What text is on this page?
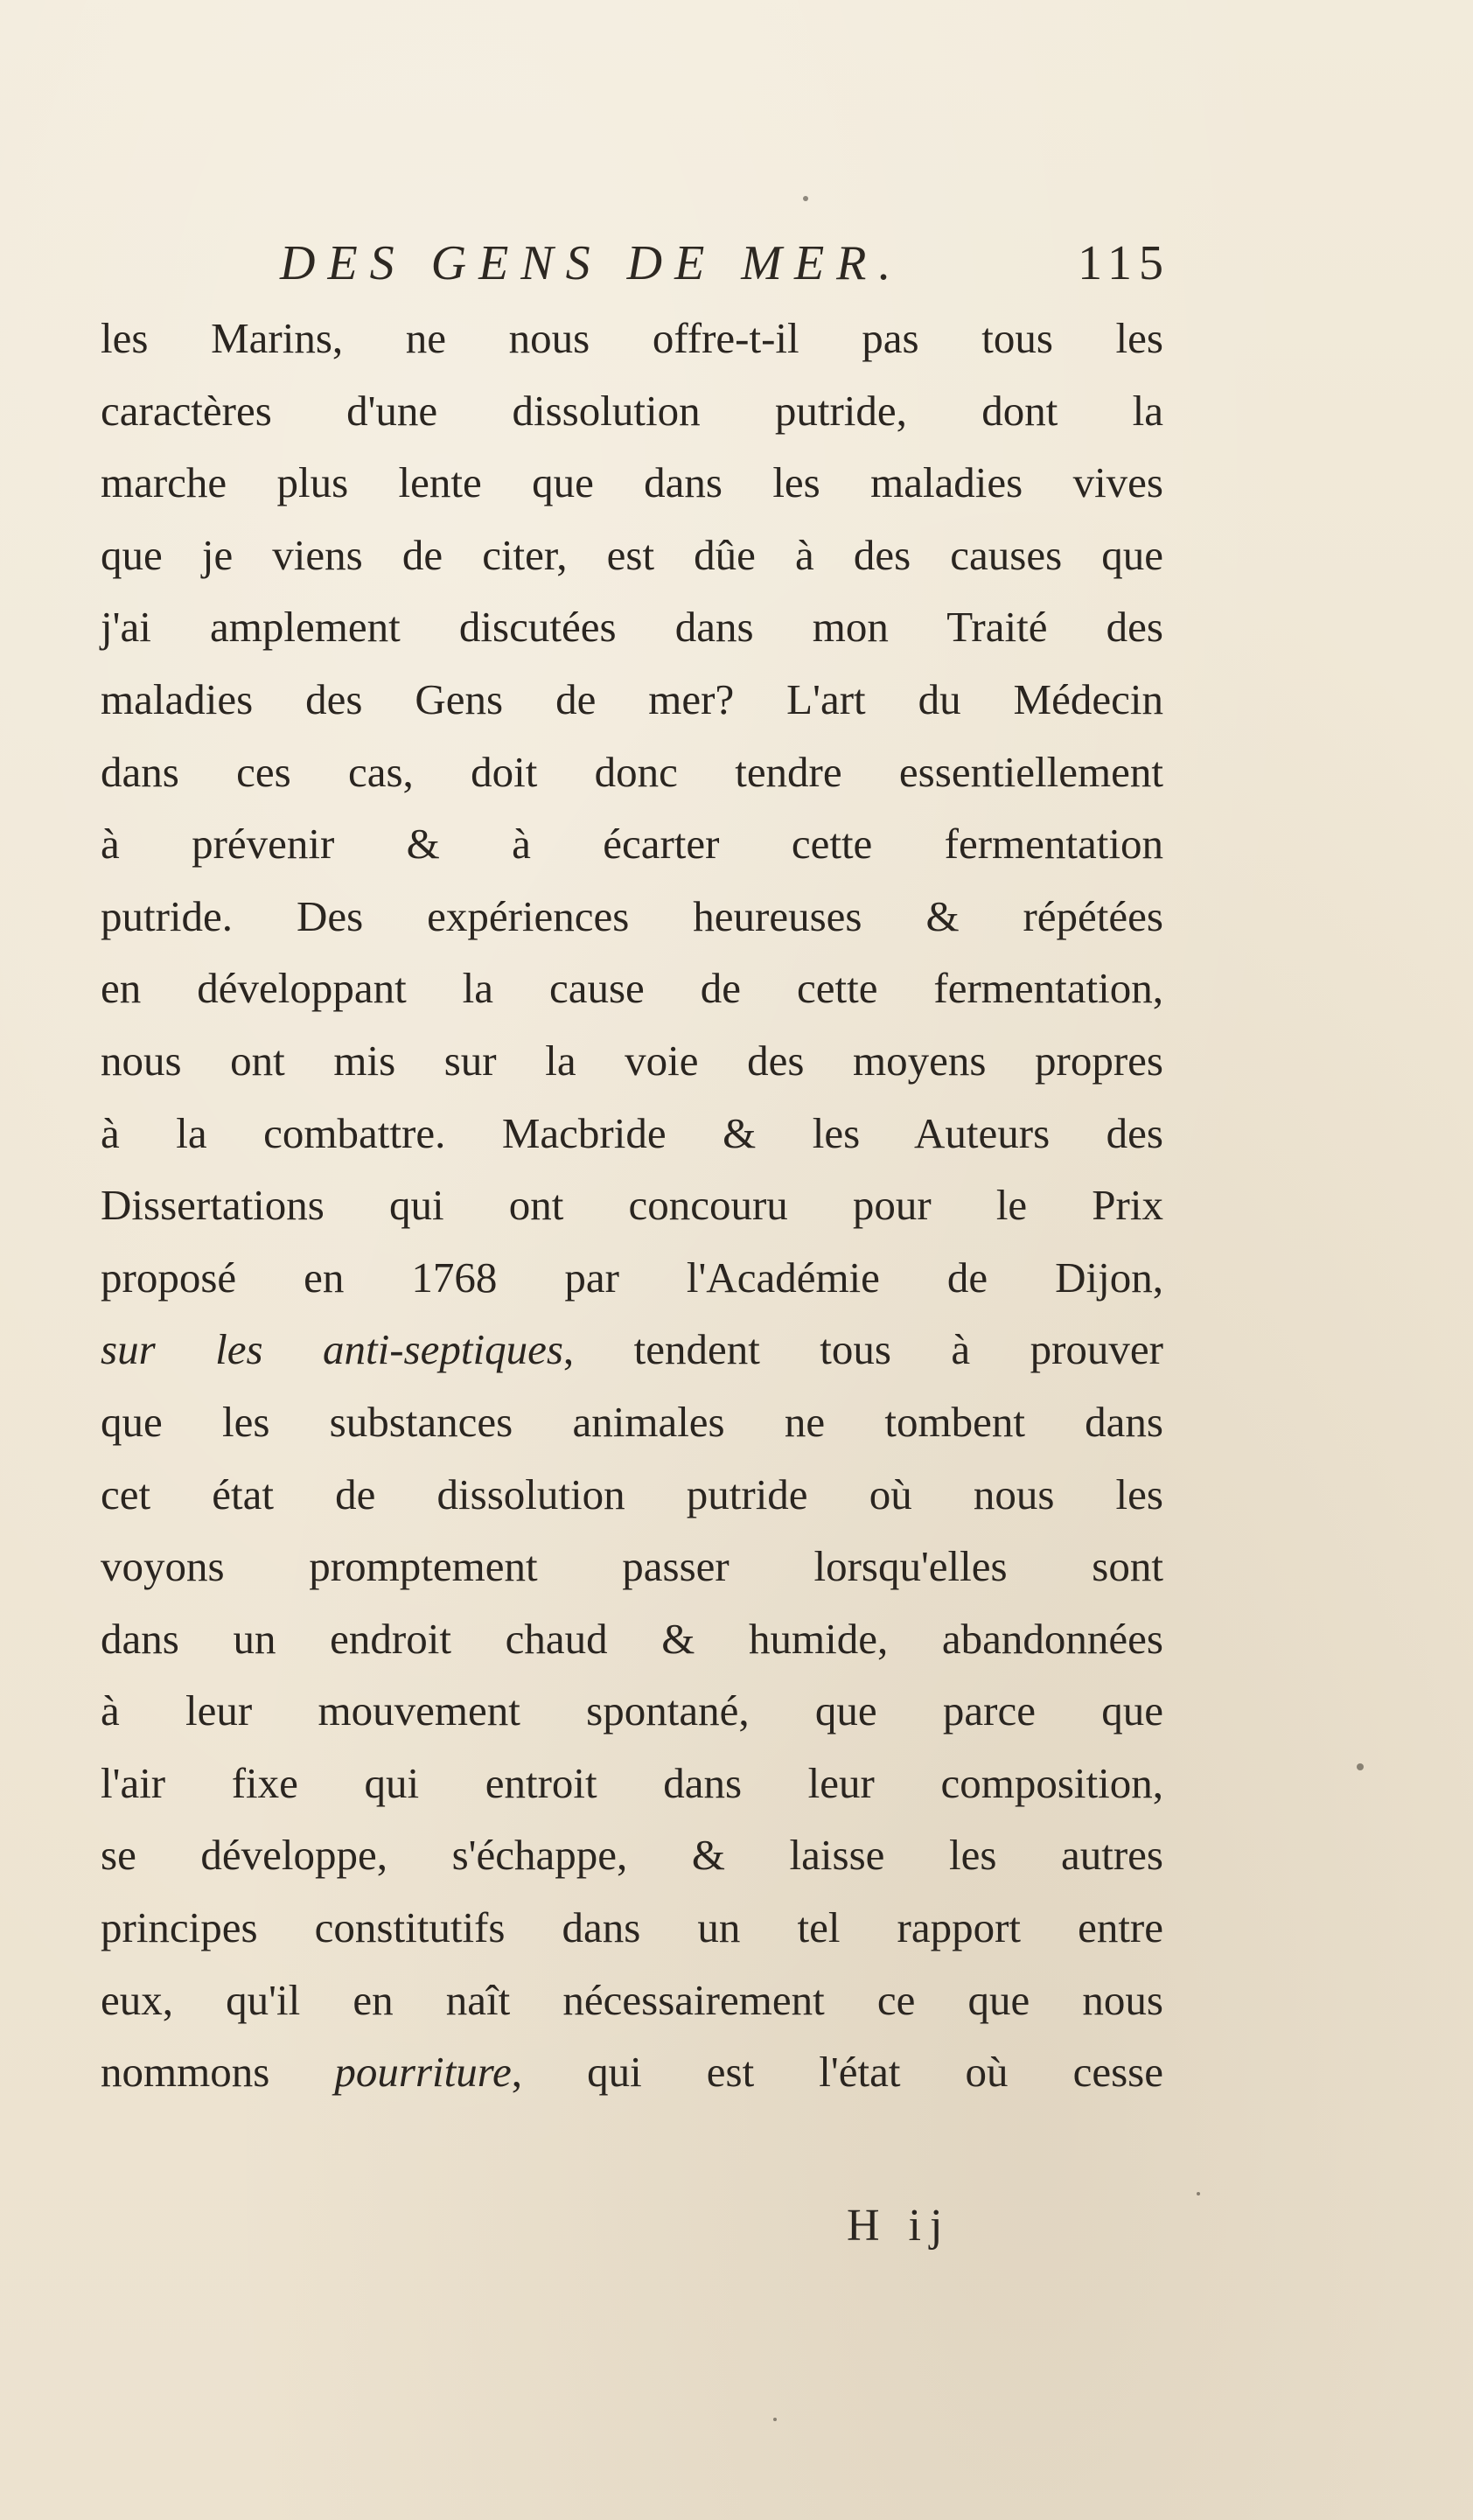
DES GENS DE MER.	115
les Marins, ne nous offre-t-il pas tous les
caractères d'une dissolution putride, dont la
marche plus lente que dans les maladies vives
que je viens de citer, est dûe à des causes que
j'ai amplement discutées dans mon Traité des
maladies des Gens de mer? L'art du Médecin
dans ces cas, doit donc tendre essentiellement
à prévenir & à écarter cette fermentation
putride. Des expériences heureuses & répétées
en développant la cause de cette fermentation,
nous ont mis sur la voie des moyens propres
à la combattre. Macbride & les Auteurs des
Dissertations qui ont concouru pour le Prix
proposé en 1768 par l'Académie de Dijon,
sur les anti-septiques, tendent tous à prouver
que les substances animales ne tombent dans
cet état de dissolution putride où nous les
voyons promptement passer lorsqu'elles sont
dans un endroit chaud & humide, abandonnées
à leur mouvement spontané, que parce que
l'air fixe qui entroit dans leur composition,
se développe, s'échappe, & laisse les autres
principes constitutifs dans un tel rapport entre
eux, qu'il en naît nécessairement ce que nous
nommons pourriture, qui est l'état où cesse
H ij
